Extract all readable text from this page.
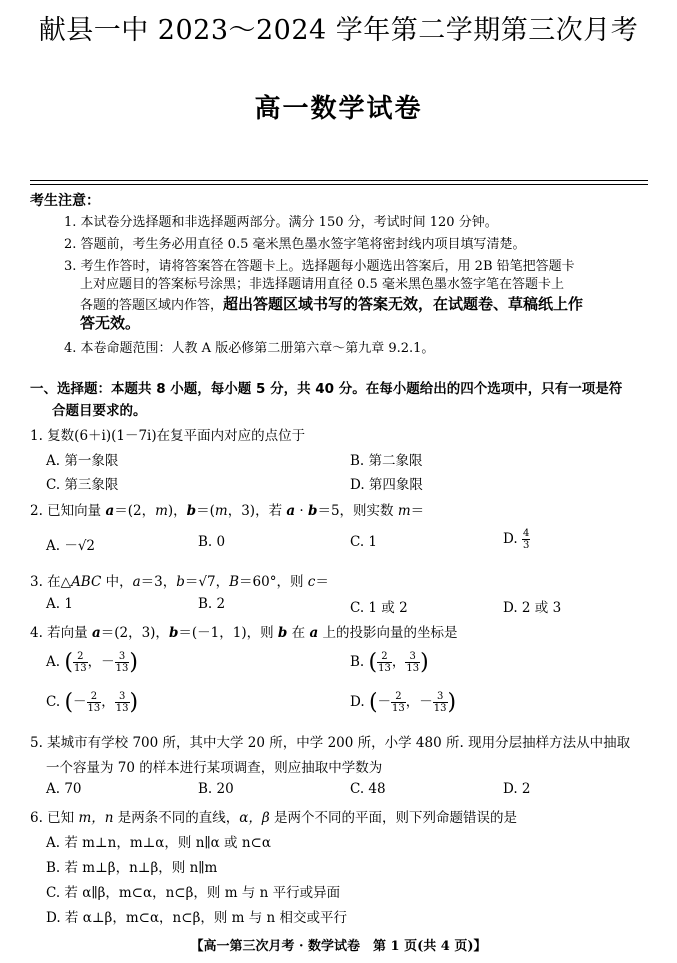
献县一中 2023～2024 学年第二学期第三次月考
高一数学试卷
考生注意：
1. 本试卷分选择题和非选择题两部分。满分 150 分，考试时间 120 分钟。
2. 答题前，考生务必用直径 0.5 毫米黑色墨水签字笔将密封线内项目填写清楚。
3. 考生作答时，请将答案答在答题卡上。选择题每小题选出答案后，用 2B 铅笔把答题卡
上对应题目的答案标号涂黑；非选择题请用直径 0.5 毫米黑色墨水签字笔在答题卡上
各题的答题区域内作答，超出答题区域书写的答案无效，在试题卷、草稿纸上作
答无效。
4. 本卷命题范围：人教 A 版必修第二册第六章～第九章 9.2.1。
一、选择题：本题共 8 小题，每小题 5 分，共 40 分。在每小题给出的四个选项中，只有一项是符
合题目要求的。
1. 复数(6＋i)(1－7i)在复平面内对应的点位于
A. 第一象限	B. 第二象限
C. 第三象限	D. 第四象限
2. 已知向量 a＝(2，m)，b＝(m，3)，若 a · b＝5，则实数 m＝
A. －√2	B. 0	C. 1	D. $\frac{4}{3}$
3. 在△ABC 中，a＝3，b＝√7，B＝60°，则 c＝
A. 1	B. 2	C. 1 或 2	D. 2 或 3
4. 若向量 a＝(2，3)，b＝(－1，1)，则 b 在 a 上的投影向量的坐标是
A. ( $\frac{2}{13}$ ，－ $\frac{3}{13}$ )	B. ( $\frac{2}{13}$ ， $\frac{3}{13}$ )
C. (－ $\frac{2}{13}$ ， $\frac{3}{13}$ )	D. (－ $\frac{2}{13}$ ，－ $\frac{3}{13}$ )
5. 某城市有学校 700 所，其中大学 20 所，中学 200 所，小学 480 所. 现用分层抽样方法从中抽取
一个容量为 70 的样本进行某项调查，则应抽取中学数为
A. 70	B. 20	C. 48	D. 2
6. 已知 m，n 是两条不同的直线，α，β 是两个不同的平面，则下列命题错误的是
A. 若 m⊥n，m⊥α，则 n∥α 或 n⊂α
B. 若 m⊥β，n⊥β，则 n∥m
C. 若 α∥β，m⊂α，n⊂β，则 m 与 n 平行或异面
D. 若 α⊥β，m⊂α，n⊂β，则 m 与 n 相交或平行
【高一第三次月考 · 数学试卷　第 1 页(共 4 页)】
